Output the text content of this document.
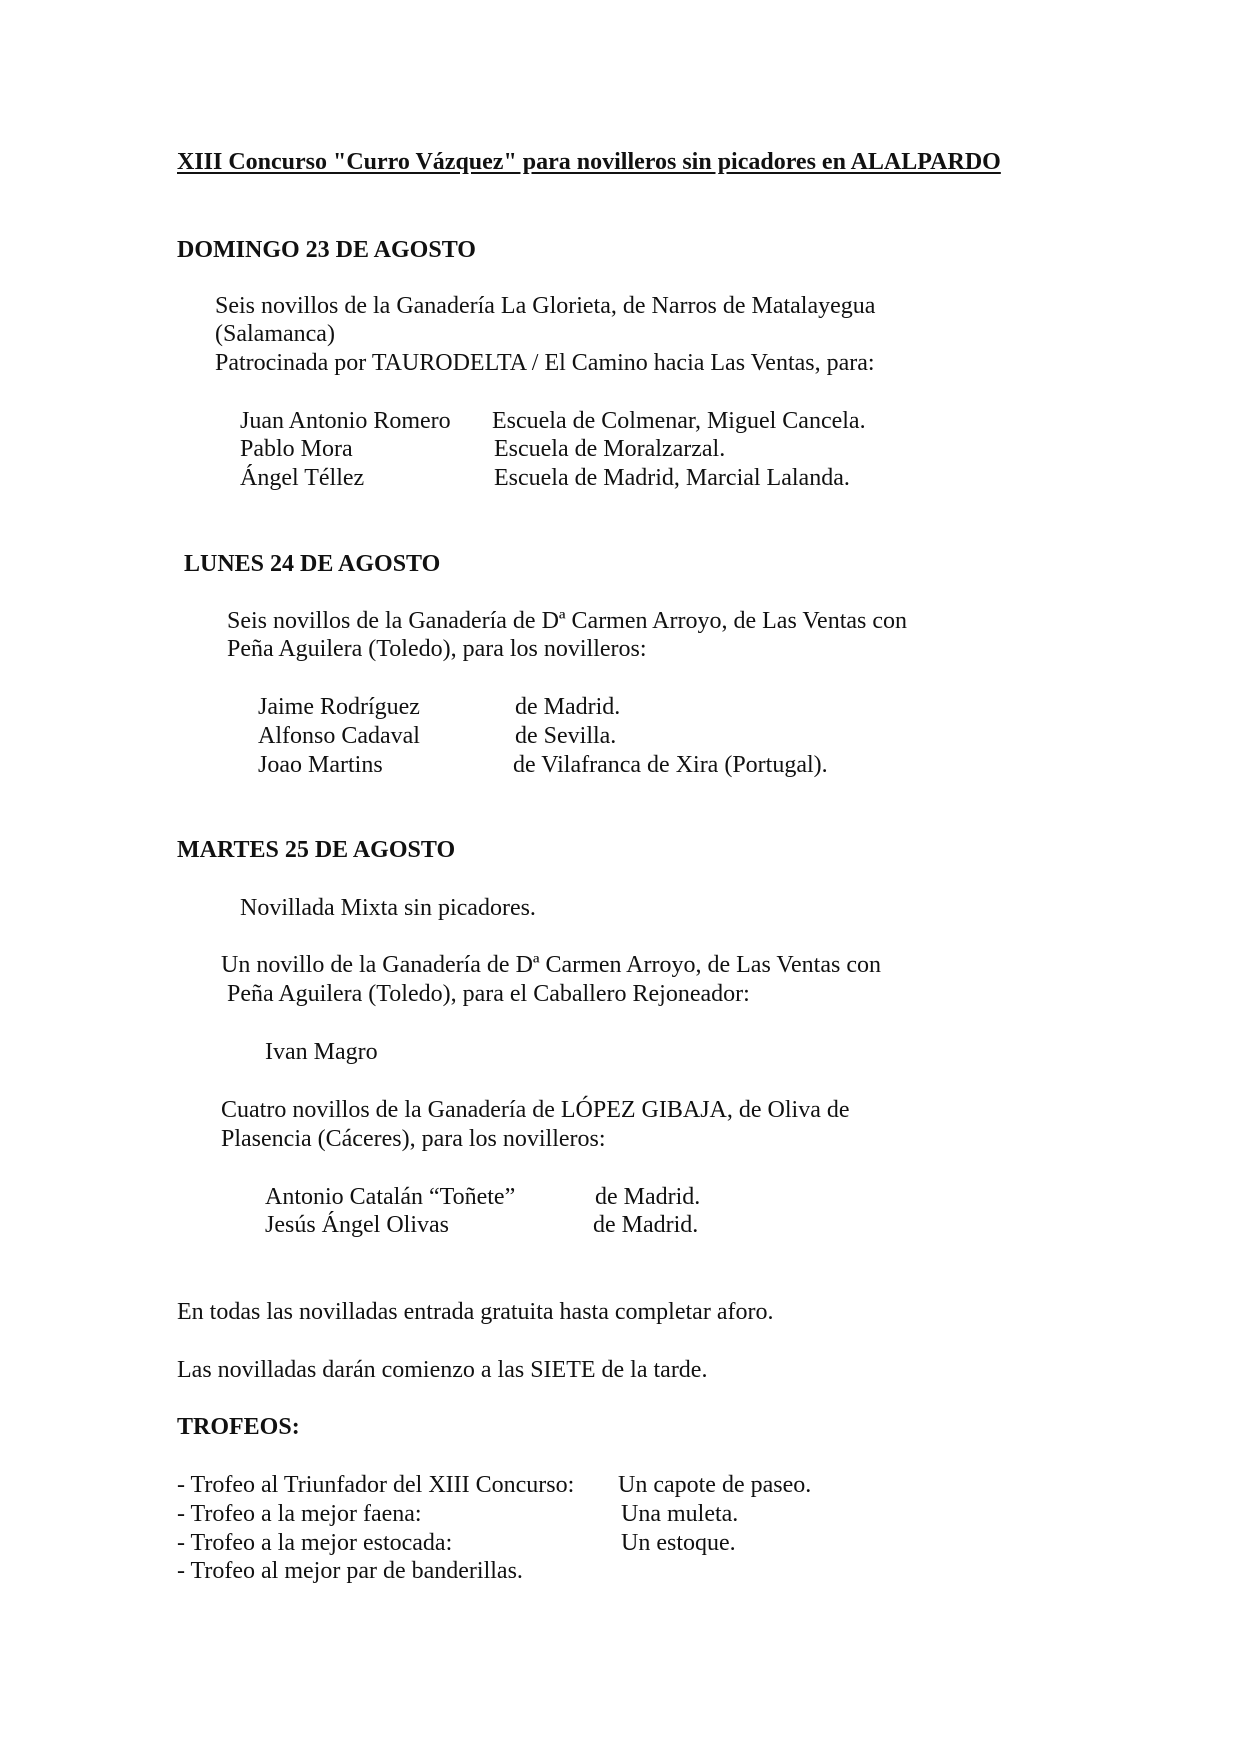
XIII Concurso "Curro Vázquez" para novilleros sin picadores en ALALPARDO
DOMINGO 23 DE AGOSTO
Seis novillos de la Ganadería La Glorieta, de Narros de Matalayegua
(Salamanca)
Patrocinada por TAURODELTA / El Camino hacia Las Ventas, para:
Juan Antonio Romero Escuela de Colmenar, Miguel Cancela.
Pablo Mora	Escuela de Moralzarzal.
Ángel Téllez	Escuela de Madrid, Marcial Lalanda.
LUNES 24 DE AGOSTO
Seis novillos de la Ganadería de Dª Carmen Arroyo, de Las Ventas con
Peña Aguilera (Toledo), para los novilleros:
Jaime Rodríguez	de Madrid.
Alfonso Cadaval	de Sevilla.
Joao Martins	de Vilafranca de Xira (Portugal).
MARTES 25 DE AGOSTO
Novillada Mixta sin picadores.
Un novillo de la Ganadería de Dª Carmen Arroyo, de Las Ventas con
Peña Aguilera (Toledo), para el Caballero Rejoneador:
Ivan Magro
Cuatro novillos de la Ganadería de LÓPEZ GIBAJA, de Oliva de
Plasencia (Cáceres), para los novilleros:
Antonio Catalán “Toñete”	de Madrid.
Jesús Ángel Olivas	de Madrid.
En todas las novilladas entrada gratuita hasta completar aforo.
Las novilladas darán comienzo a las SIETE de la tarde.
TROFEOS:
- Trofeo al Triunfador del XIII Concurso: Un capote de paseo.
- Trofeo a la mejor faena:	Una muleta.
- Trofeo a la mejor estocada:	Un estoque.
- Trofeo al mejor par de banderillas.
